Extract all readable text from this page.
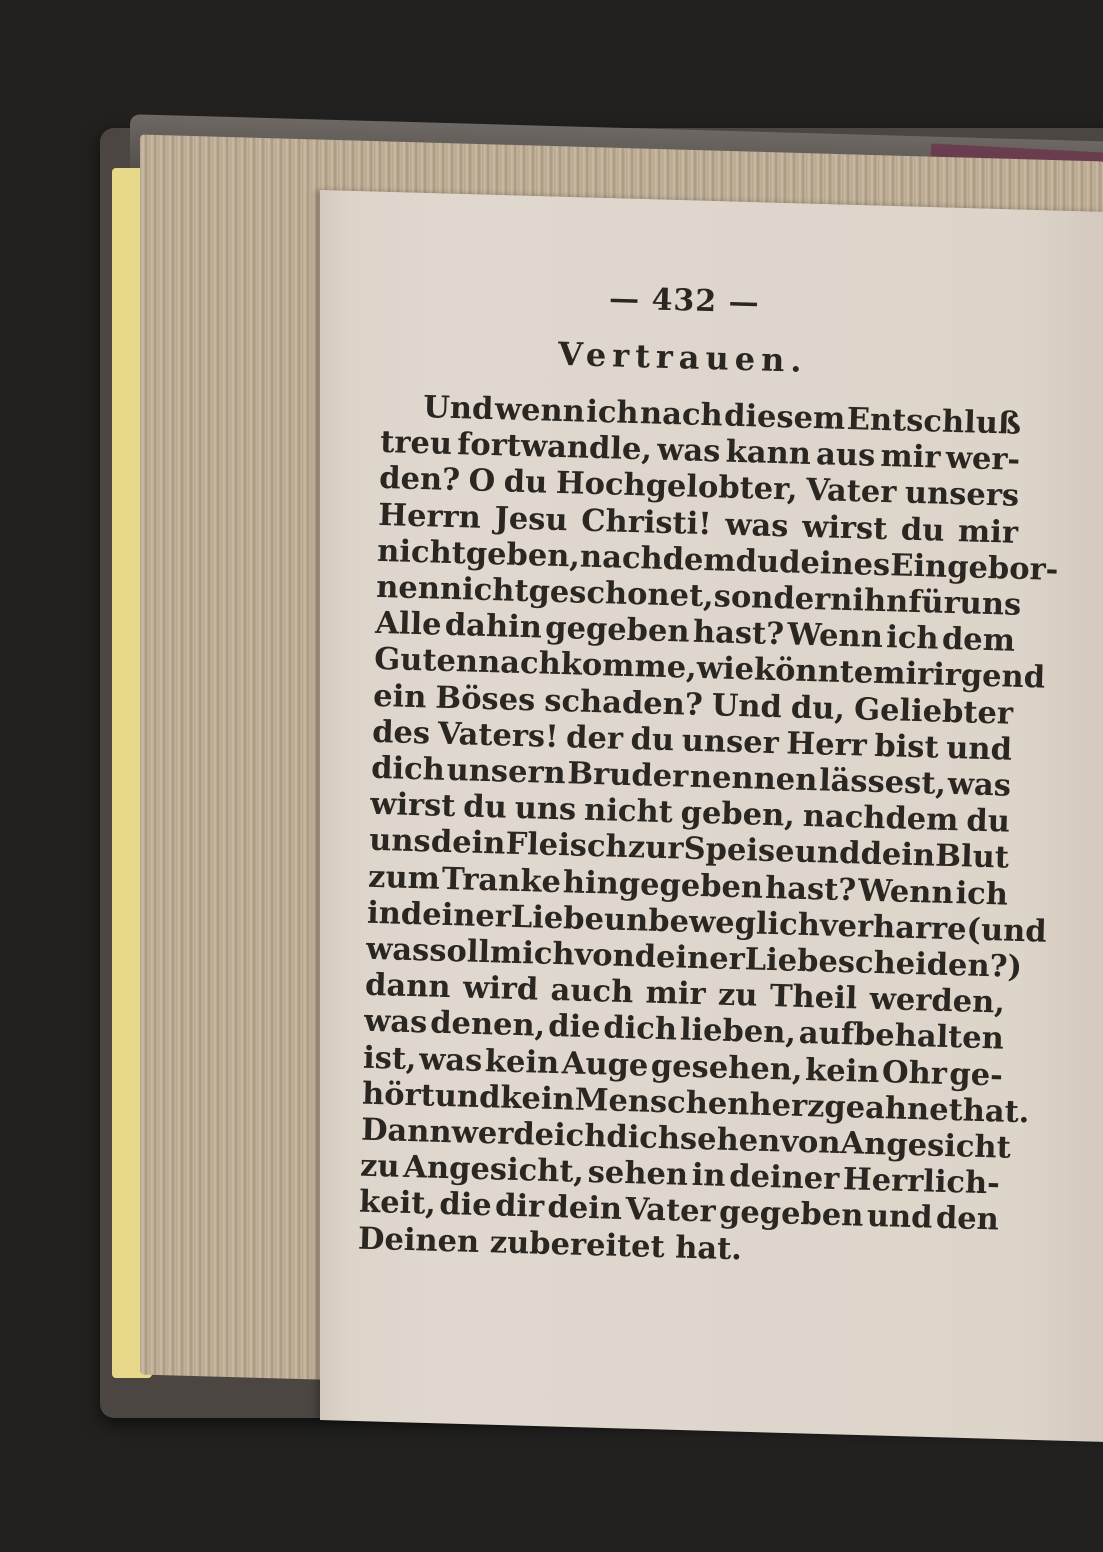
— 432 —
Vertrauen.
Und wenn ich nach diesem Entschluß
treu fortwandle, was kann aus mir wer-
den? O du Hochgelobter, Vater unsers
Herrn Jesu Christi! was wirst du mir
nicht
geben,
nachdem
du
deines
Eingebor-
nen
nicht
geschonet,
sondern
ihn
für
uns
Alle dahin gegeben hast? Wenn ich dem
Guten
nachkomme,
wie
könnte
mir
irgend
ein Böses schaden? Und du, Geliebter
des Vaters! der du unser Herr bist und
dich unsern Bruder nennen lässest, was
wirst du uns nicht geben, nachdem du
uns dein Fleisch zur Speise und dein Blut
zum Tranke hingegeben hast? Wenn ich
in
deiner
Liebe
unbeweglich
verharre
(und
was
soll
mich
von
deiner
Liebe
scheiden?)
dann wird auch mir zu Theil werden,
was denen, die dich lieben, aufbehalten
ist, was kein Auge gesehen, kein Ohr ge-
hört
und
kein
Menschenherz
geahnet
hat.
Dann
werde
ich
dich
sehen
von
Angesicht
zu Angesicht, sehen in deiner Herrlich-
keit, die dir dein Vater gegeben und den
Deinen zubereitet hat.
